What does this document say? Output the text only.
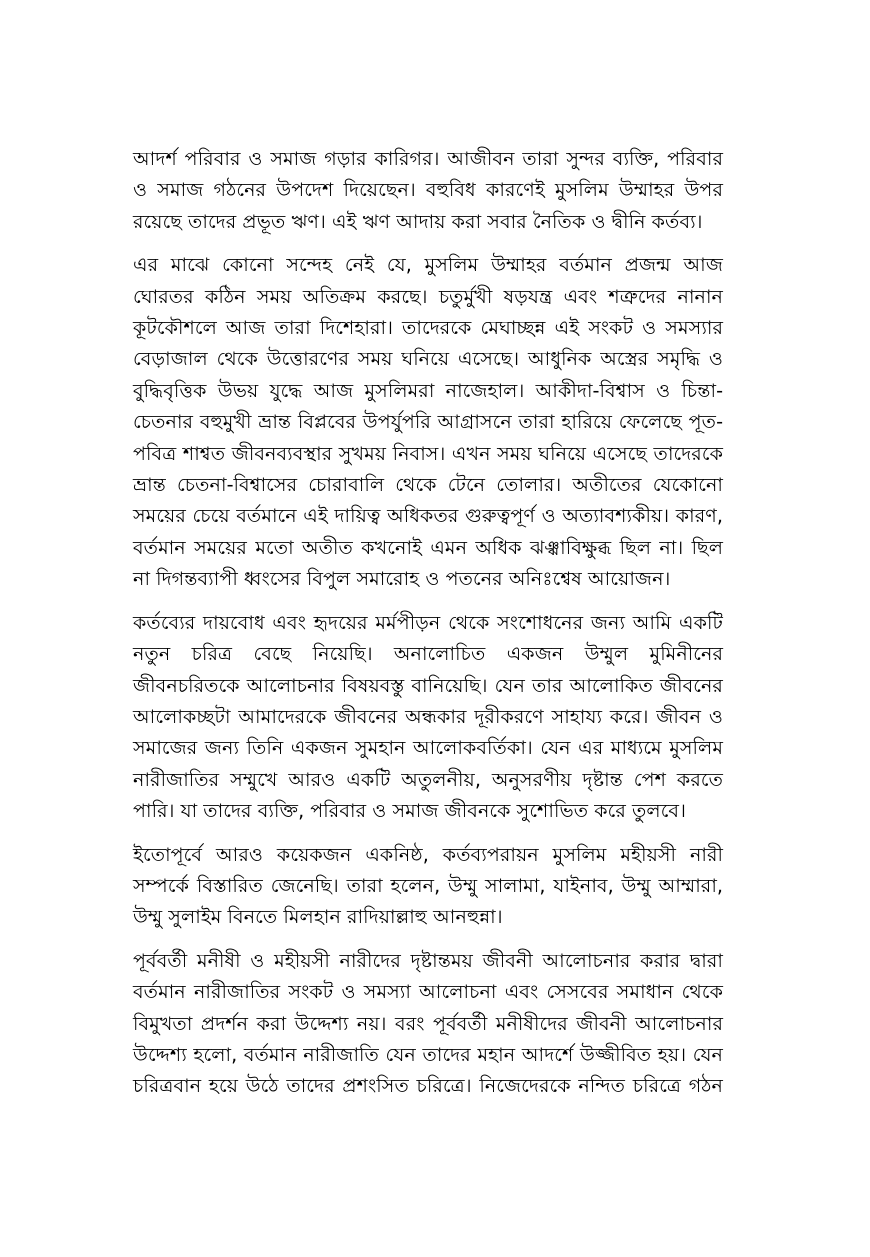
আদর্শ পরিবার ও সমাজ গড়ার কারিগর। আজীবন তারা সুন্দর ব্যক্তি, পরিবার ও সমাজ গঠনের উপদেশ দিয়েছেন। বহুবিধ কারণেই মুসলিম উম্মাহর উপর রয়েছে তাদের প্রভূত ঋণ। এই ঋণ আদায় করা সবার নৈতিক ও দ্বীনি কর্তব্য।

এর মাঝে কোনো সন্দেহ নেই যে, মুসলিম উম্মাহর বর্তমান প্রজন্ম আজ ঘোরতর কঠিন সময় অতিক্রম করছে। চতুর্মুখী ষড়যন্ত্র এবং শত্রুদের নানান কূটকৌশলে আজ তারা দিশেহারা। তাদেরকে মেঘাচ্ছন্ন এই সংকট ও সমস্যার বেড়াজাল থেকে উত্তোরণের সময় ঘনিয়ে এসেছে। আধুনিক অস্ত্রের সমৃদ্ধি ও বুদ্ধিবৃত্তিক উভয় যুদ্ধে আজ মুসলিমরা নাজেহাল। আকীদা-বিশ্বাস ও চিন্তা-চেতনার বহুমুখী ভ্রান্ত বিপ্লবের উপর্যুপরি আগ্রাসনে তারা হারিয়ে ফেলেছে পূত-পবিত্র শাশ্বত জীবনব্যবস্থার সুখময় নিবাস। এখন সময় ঘনিয়ে এসেছে তাদেরকে ভ্রান্ত চেতনা-বিশ্বাসের চোরাবালি থেকে টেনে তোলার। অতীতের যেকোনো সময়ের চেয়ে বর্তমানে এই দায়িত্ব অধিকতর গুরুত্বপূর্ণ ও অত্যাবশ্যকীয়। কারণ, বর্তমান সময়ের মতো অতীত কখনোই এমন অধিক ঝঞ্ঝাবিক্ষুব্ধ ছিল না। ছিল না দিগন্তব্যাপী ধ্বংসের বিপুল সমারোহ ও পতনের অনিঃশ্বেষ আয়োজন।

কর্তব্যের দায়বোধ এবং হৃদয়ের মর্মপীড়ন থেকে সংশোধনের জন্য আমি একটি নতুন চরিত্র বেছে নিয়েছি। অনালোচিত একজন উম্মুল মুমিনীনের জীবনচরিতকে আলোচনার বিষয়বস্তু বানিয়েছি। যেন তার আলোকিত জীবনের আলোকচ্ছটা আমাদেরকে জীবনের অন্ধকার দূরীকরণে সাহায্য করে। জীবন ও সমাজের জন্য তিনি একজন সুমহান আলোকবর্তিকা। যেন এর মাধ্যমে মুসলিম নারীজাতির সম্মুখে আরও একটি অতুলনীয়, অনুসরণীয় দৃষ্টান্ত পেশ করতে পারি। যা তাদের ব্যক্তি, পরিবার ও সমাজ জীবনকে সুশোভিত করে তুলবে।

ইতোপূর্বে আরও কয়েকজন একনিষ্ঠ, কর্তব্যপরায়ন মুসলিম মহীয়সী নারী সম্পর্কে বিস্তারিত জেনেছি। তারা হলেন, উম্মু সালামা, যাইনাব, উম্মু আম্মারা, উম্মু সুলাইম বিনতে মিলহান রাদিয়াল্লাহু আনহুন্না।

পূর্ববর্তী মনীষী ও মহীয়সী নারীদের দৃষ্টান্তময় জীবনী আলোচনার করার দ্বারা বর্তমান নারীজাতির সংকট ও সমস্যা আলোচনা এবং সেসবের সমাধান থেকে বিমুখতা প্রদর্শন করা উদ্দেশ্য নয়। বরং পূর্ববর্তী মনীষীদের জীবনী আলোচনার উদ্দেশ্য হলো, বর্তমান নারীজাতি যেন তাদের মহান আদর্শে উজ্জীবিত হয়। যেন চরিত্রবান হয়ে উঠে তাদের প্রশংসিত চরিত্রে। নিজেদেরকে নন্দিত চরিত্রে গঠন
